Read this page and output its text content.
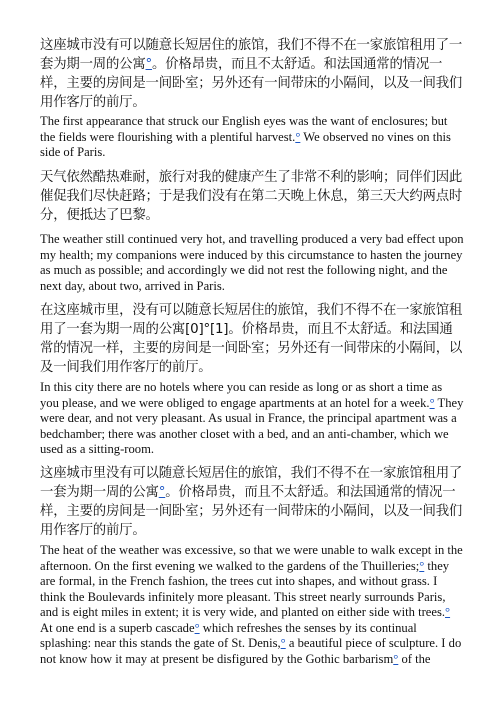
这座城市没有可以随意长短居住的旅馆，我们不得不在一家旅馆租用了一套为期一周的公寓°。价格昂贵，而且不太舒适。和法国通常的情况一样，主要的房间是一间卧室；另外还有一间带床的小隔间，以及一间我们用作客厅的前厅。

The first appearance that struck our English eyes was the want of enclosures; but the fields were flourishing with a plentiful harvest.° We observed no vines on this side of Paris.

天气依然酷热难耐，旅行对我的健康产生了非常不利的影响；同伴们因此催促我们尽快赶路；于是我们没有在第二天晚上休息，第三天大约两点时分，便抵达了巴黎。

The weather still continued very hot, and travelling produced a very bad effect upon my health; my companions were induced by this circumstance to hasten the journey as much as possible; and accordingly we did not rest the following night, and the next day, about two, arrived in Paris.

在这座城市里，没有可以随意长短居住的旅馆，我们不得不在一家旅馆租用了一套为期一周的公寓[0]°[1]。价格昂贵，而且不太舒适。和法国通常的情况一样，主要的房间是一间卧室；另外还有一间带床的小隔间，以及一间我们用作客厅的前厅。

In this city there are no hotels where you can reside as long or as short a time as you please, and we were obliged to engage apartments at an hotel for a week.° They were dear, and not very pleasant. As usual in France, the principal apartment was a bedchamber; there was another closet with a bed, and an anti-chamber, which we used as a sitting-room.

这座城市里没有可以随意长短居住的旅馆，我们不得不在一家旅馆租用了一套为期一周的公寓°。价格昂贵，而且不太舒适。和法国通常的情况一样，主要的房间是一间卧室；另外还有一间带床的小隔间，以及一间我们用作客厅的前厅。

The heat of the weather was excessive, so that we were unable to walk except in the afternoon. On the first evening we walked to the gardens of the Thuilleries;° they are formal, in the French fashion, the trees cut into shapes, and without grass. I think the Boulevards infinitely more pleasant. This street nearly surrounds Paris, and is eight miles in extent; it is very wide, and planted on either side with trees.° At one end is a superb cascade° which refreshes the senses by its continual splashing: near this stands the gate of St. Denis,° a beautiful piece of sculpture. I do not know how it may at present be disfigured by the Gothic barbarism° of the
